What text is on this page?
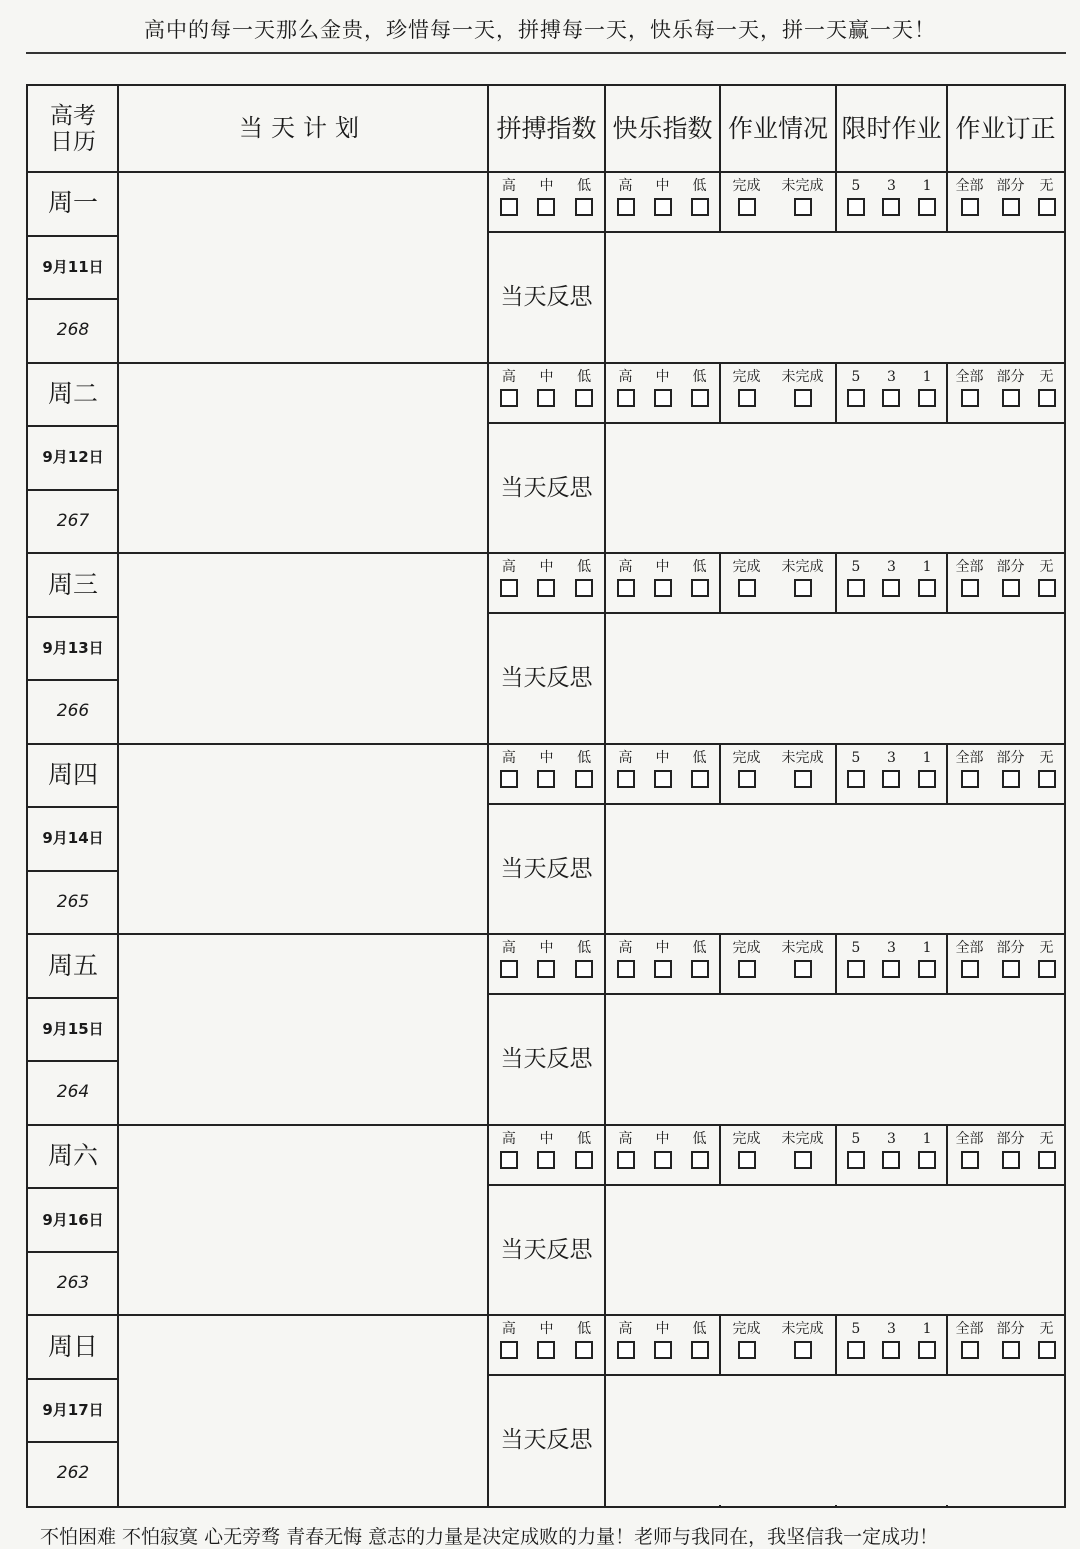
高中的每一天那么金贵，珍惜每一天，拼搏每一天，快乐每一天，拼一天赢一天！
高考
日历	当天计划	拼搏指数 快乐指数 作业情况 限时作业 作业订正
周一
9月11日
268
当天反思
高 中 低 高 中 低 完成 未完成 5 3 1 全部 部分 无
周二
9月12日
267
当天反思
高 中 低 高 中 低 完成 未完成 5 3 1 全部 部分 无
周三
9月13日
266
当天反思
高 中 低 高 中 低 完成 未完成 5 3 1 全部 部分 无
周四
9月14日
265
当天反思
高 中 低 高 中 低 完成 未完成 5 3 1 全部 部分 无
周五
9月15日
264
当天反思
高 中 低 高 中 低 完成 未完成 5 3 1 全部 部分 无
周六
9月16日
263
当天反思
高 中 低 高 中 低 完成 未完成 5 3 1 全部 部分 无
周日
9月17日
262
当天反思
高 中 低 高 中 低 完成 未完成 5 3 1 全部 部分 无
不怕困难 不怕寂寞 心无旁骛 青春无悔 意志的力量是决定成败的力量！老师与我同在，我坚信我一定成功！
